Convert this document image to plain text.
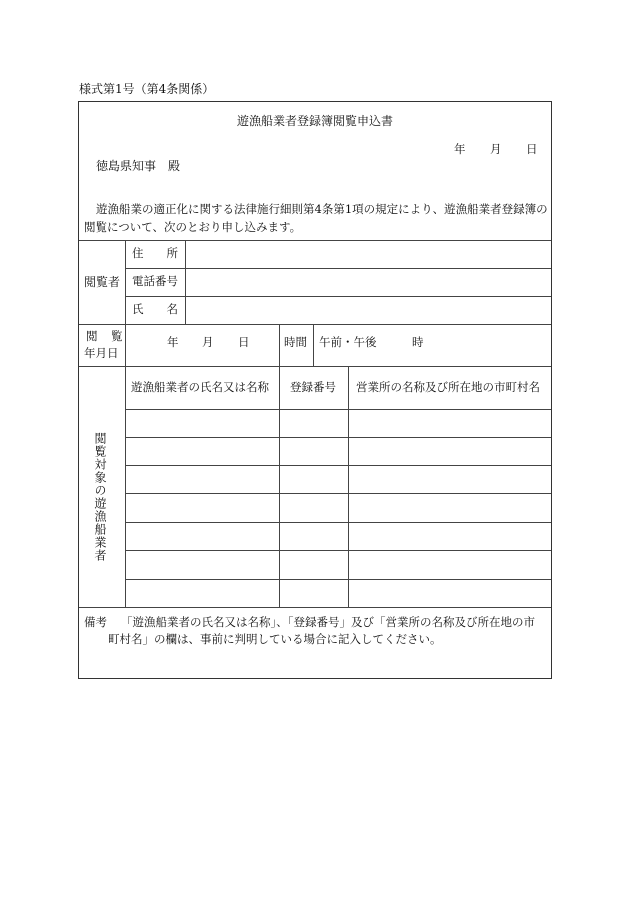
様式第1号（第4条関係）
遊漁船業者登録簿閲覧申込書
年 月 日
徳島県知事　殿
遊漁船業の適正化に関する法律施行細則第4条第1項の規定により、遊漁船業者登録簿の閲覧について、次のとおり申し込みます。
閲覧者
住　　所
電話番号
氏　　名
閲　覧
年月日
年 月 日	時間 午前・午後	時
閲覧対象の遊漁船業者
遊漁船業者の氏名又は名称 登録番号 営業所の名称及び所在地の市町村名
備考 「遊漁船業者の氏名又は名称」、「登録番号」及び「営業所の名称及び所在地の市
町村名」の欄は、事前に判明している場合に記入してください。
